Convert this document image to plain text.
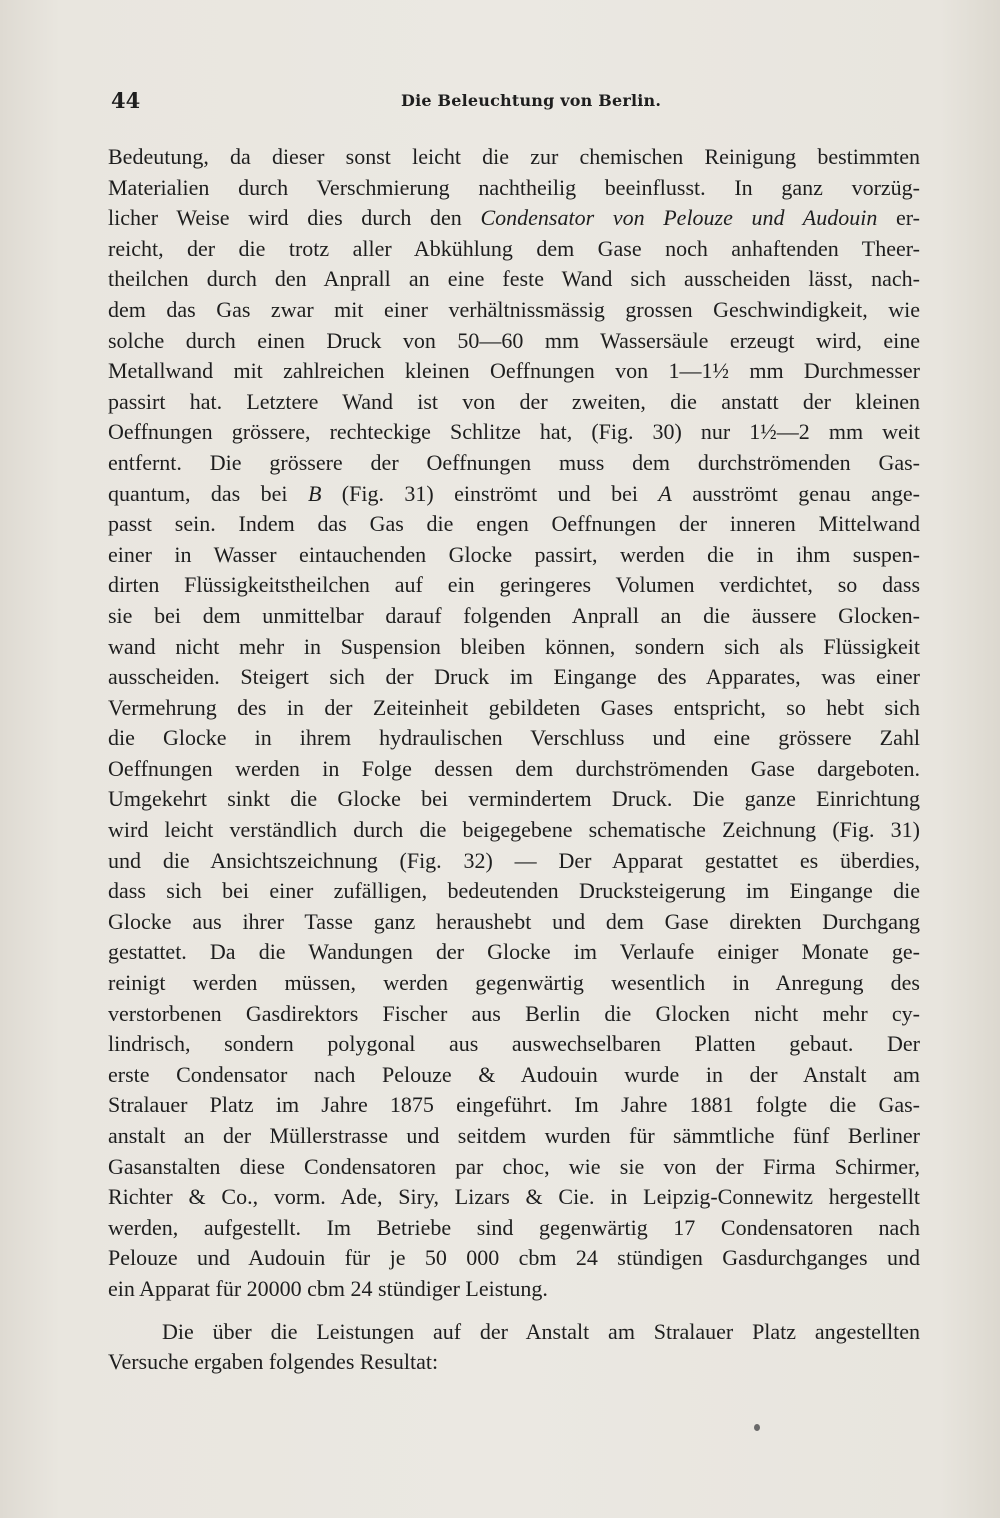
44	Die Beleuchtung von Berlin.
Bedeutung, da dieser sonst leicht die zur chemischen Reinigung bestimmten
Materialien durch Verschmierung nachtheilig beeinflusst. In ganz vorzüg-
licher Weise wird dies durch den Condensator von Pelouze und Audouin er-
reicht, der die trotz aller Abkühlung dem Gase noch anhaftenden Theer-
theilchen durch den Anprall an eine feste Wand sich ausscheiden lässt, nach-
dem das Gas zwar mit einer verhältnissmässig grossen Geschwindigkeit, wie
solche durch einen Druck von 50—60 mm Wassersäule erzeugt wird, eine
Metallwand mit zahlreichen kleinen Oeffnungen von 1—1½ mm Durchmesser
passirt hat. Letztere Wand ist von der zweiten, die anstatt der kleinen
Oeffnungen grössere, rechteckige Schlitze hat, (Fig. 30) nur 1½—2 mm weit
entfernt. Die grössere der Oeffnungen muss dem durchströmenden Gas-
quantum, das bei B (Fig. 31) einströmt und bei A ausströmt genau ange-
passt sein. Indem das Gas die engen Oeffnungen der inneren Mittelwand
einer in Wasser eintauchenden Glocke passirt, werden die in ihm suspen-
dirten Flüssigkeitstheilchen auf ein geringeres Volumen verdichtet, so dass
sie bei dem unmittelbar darauf folgenden Anprall an die äussere Glocken-
wand nicht mehr in Suspension bleiben können, sondern sich als Flüssigkeit
ausscheiden. Steigert sich der Druck im Eingange des Apparates, was einer
Vermehrung des in der Zeiteinheit gebildeten Gases entspricht, so hebt sich
die Glocke in ihrem hydraulischen Verschluss und eine grössere Zahl
Oeffnungen werden in Folge dessen dem durchströmenden Gase dargeboten.
Umgekehrt sinkt die Glocke bei vermindertem Druck. Die ganze Einrichtung
wird leicht verständlich durch die beigegebene schematische Zeichnung (Fig. 31)
und die Ansichtszeichnung (Fig. 32) — Der Apparat gestattet es überdies,
dass sich bei einer zufälligen, bedeutenden Drucksteigerung im Eingange die
Glocke aus ihrer Tasse ganz heraushebt und dem Gase direkten Durchgang
gestattet. Da die Wandungen der Glocke im Verlaufe einiger Monate ge-
reinigt werden müssen, werden gegenwärtig wesentlich in Anregung des
verstorbenen Gasdirektors Fischer aus Berlin die Glocken nicht mehr cy-
lindrisch, sondern polygonal aus auswechselbaren Platten gebaut. Der
erste Condensator nach Pelouze & Audouin wurde in der Anstalt am
Stralauer Platz im Jahre 1875 eingeführt. Im Jahre 1881 folgte die Gas-
anstalt an der Müllerstrasse und seitdem wurden für sämmtliche fünf Berliner
Gasanstalten diese Condensatoren par choc, wie sie von der Firma Schirmer,
Richter & Co., vorm. Ade, Siry, Lizars & Cie. in Leipzig-Connewitz hergestellt
werden, aufgestellt. Im Betriebe sind gegenwärtig 17 Condensatoren nach
Pelouze und Audouin für je 50 000 cbm 24 stündigen Gasdurchganges und
ein Apparat für 20000 cbm 24 stündiger Leistung.
Die über die Leistungen auf der Anstalt am Stralauer Platz angestellten
Versuche ergaben folgendes Resultat:
